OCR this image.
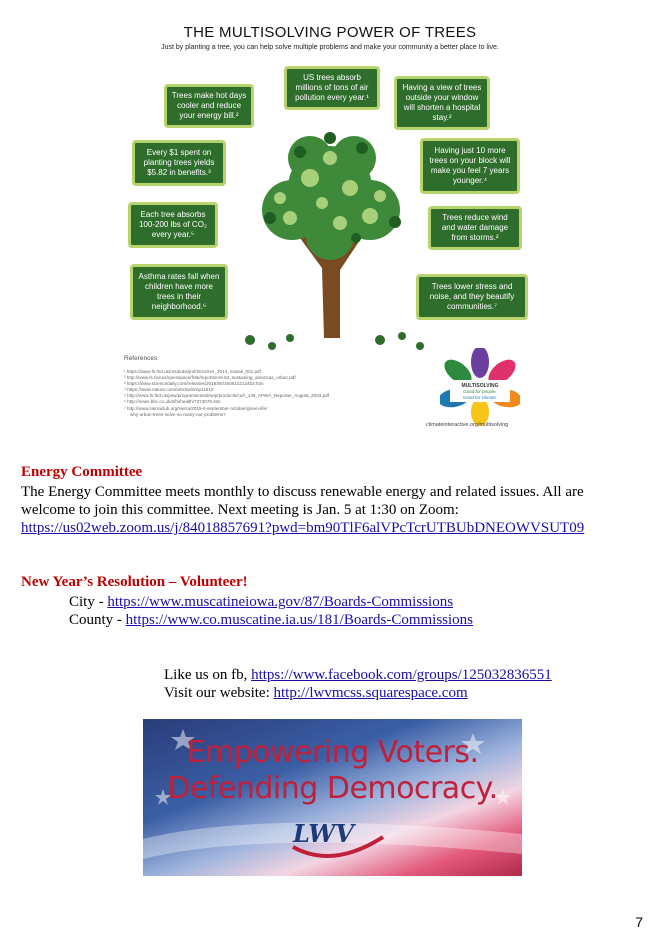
THE MULTISOLVING POWER OF TREES
Just by planting a tree, you can help solve multiple problems and make your community a better place to live.
US trees absorb millions of tons of air pollution every year.¹
Trees make hot days cooler and reduce your energy bill.²
Having a view of trees outside your window will shorten a hospital stay.²
Every $1 spent on planting trees yields $5.82 in benefits.³
Having just 10 more trees on your block will make you feel 7 years younger.⁴
Each tree absorbs 100-200 lbs of CO₂ every year.⁵
Trees reduce wind and water damage from storms.²
Asthma rates fall when children have more trees in their neighborhood.⁶
Trees lower stress and noise, and they beautify communities.⁷
References
¹ https://www.fs.fed.us/nrs/pubs/jrnl/2014/nrs_2014_nowak_001.pdf
² http://www.fs.fed.us/openspace/fote/reports/nrs-62_sustaining_americas_urban.pdf
³ https://www.sciencedaily.com/releases/2016/06/160614212452.htm
⁴ https://www.nature.com/articles/srep11610
⁵ http://www.fs.fed.us/psw/programs/uesd/uep/products/cufr_139_APWA_Reporter_August_2003.pdf
⁶ http://news.bbc.co.uk/2/hi/health/7374078.stm
⁷ http://www.sierraclub.org/sierra/2015-5-september-october/green-life/
why-urban-trees-solve-so-many-our-problems?
MULTISOLVING
Good for people.
Good for climate.
climateinteractive.org/multisolving
Energy Committee
The Energy Committee meets monthly to discuss renewable energy and related issues. All are
welcome to join this committee. Next meeting is Jan. 5 at 1:30 on Zoom:
https://us02web.zoom.us/j/84018857691?pwd=bm90TlF6alVPcTcrUTBUbDNEOWVSUT09
New Year’s Resolution – Volunteer!
City - https://www.muscatineiowa.gov/87/Boards-Commissions
County - https://www.co.muscatine.ia.us/181/Boards-Commissions
Like us on fb, https://www.facebook.com/groups/125032836551
Visit our website: http://lwvmcss.squarespace.com
Empowering Voters.
Defending Democracy.
LWV
7
